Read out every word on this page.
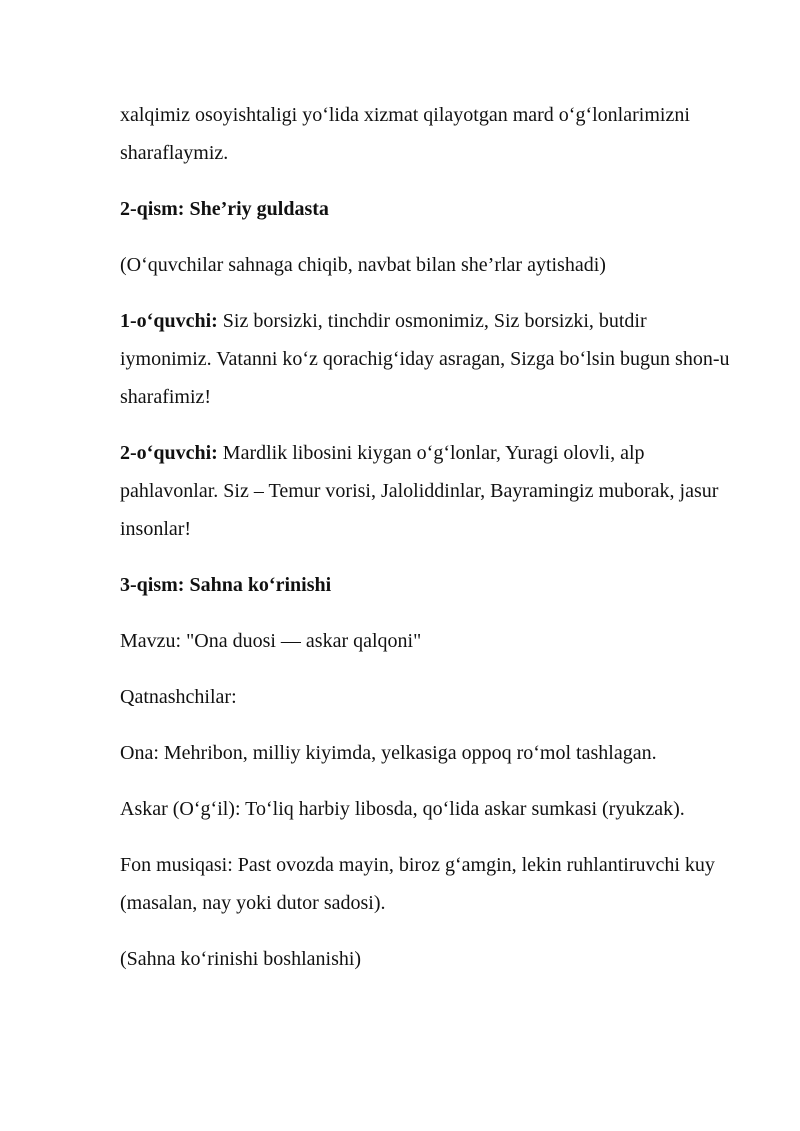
xalqimiz osoyishtaligi yo‘lida xizmat qilayotgan mard o‘g‘lonlarimizni sharaflaymiz.

2-qism: She’riy guldasta

(O‘quvchilar sahnaga chiqib, navbat bilan she’rlar aytishadi)

1-o‘quvchi: Siz borsizki, tinchdir osmonimiz, Siz borsizki, butdir iymonimiz. Vatanni ko‘z qorachig‘iday asragan, Sizga bo‘lsin bugun shon-u sharafimiz!

2-o‘quvchi: Mardlik libosini kiygan o‘g‘lonlar, Yuragi olovli, alp pahlavonlar. Siz – Temur vorisi, Jaloliddinlar, Bayramingiz muborak, jasur insonlar!

3-qism: Sahna ko‘rinishi

Mavzu: "Ona duosi — askar qalqoni"

Qatnashchilar:

Ona: Mehribon, milliy kiyimda, yelkasiga oppoq ro‘mol tashlagan.

Askar (O‘g‘il): To‘liq harbiy libosda, qo‘lida askar sumkasi (ryukzak).

Fon musiqasi: Past ovozda mayin, biroz g‘amgin, lekin ruhlantiruvchi kuy (masalan, nay yoki dutor sadosi).

(Sahna ko‘rinishi boshlanishi)
